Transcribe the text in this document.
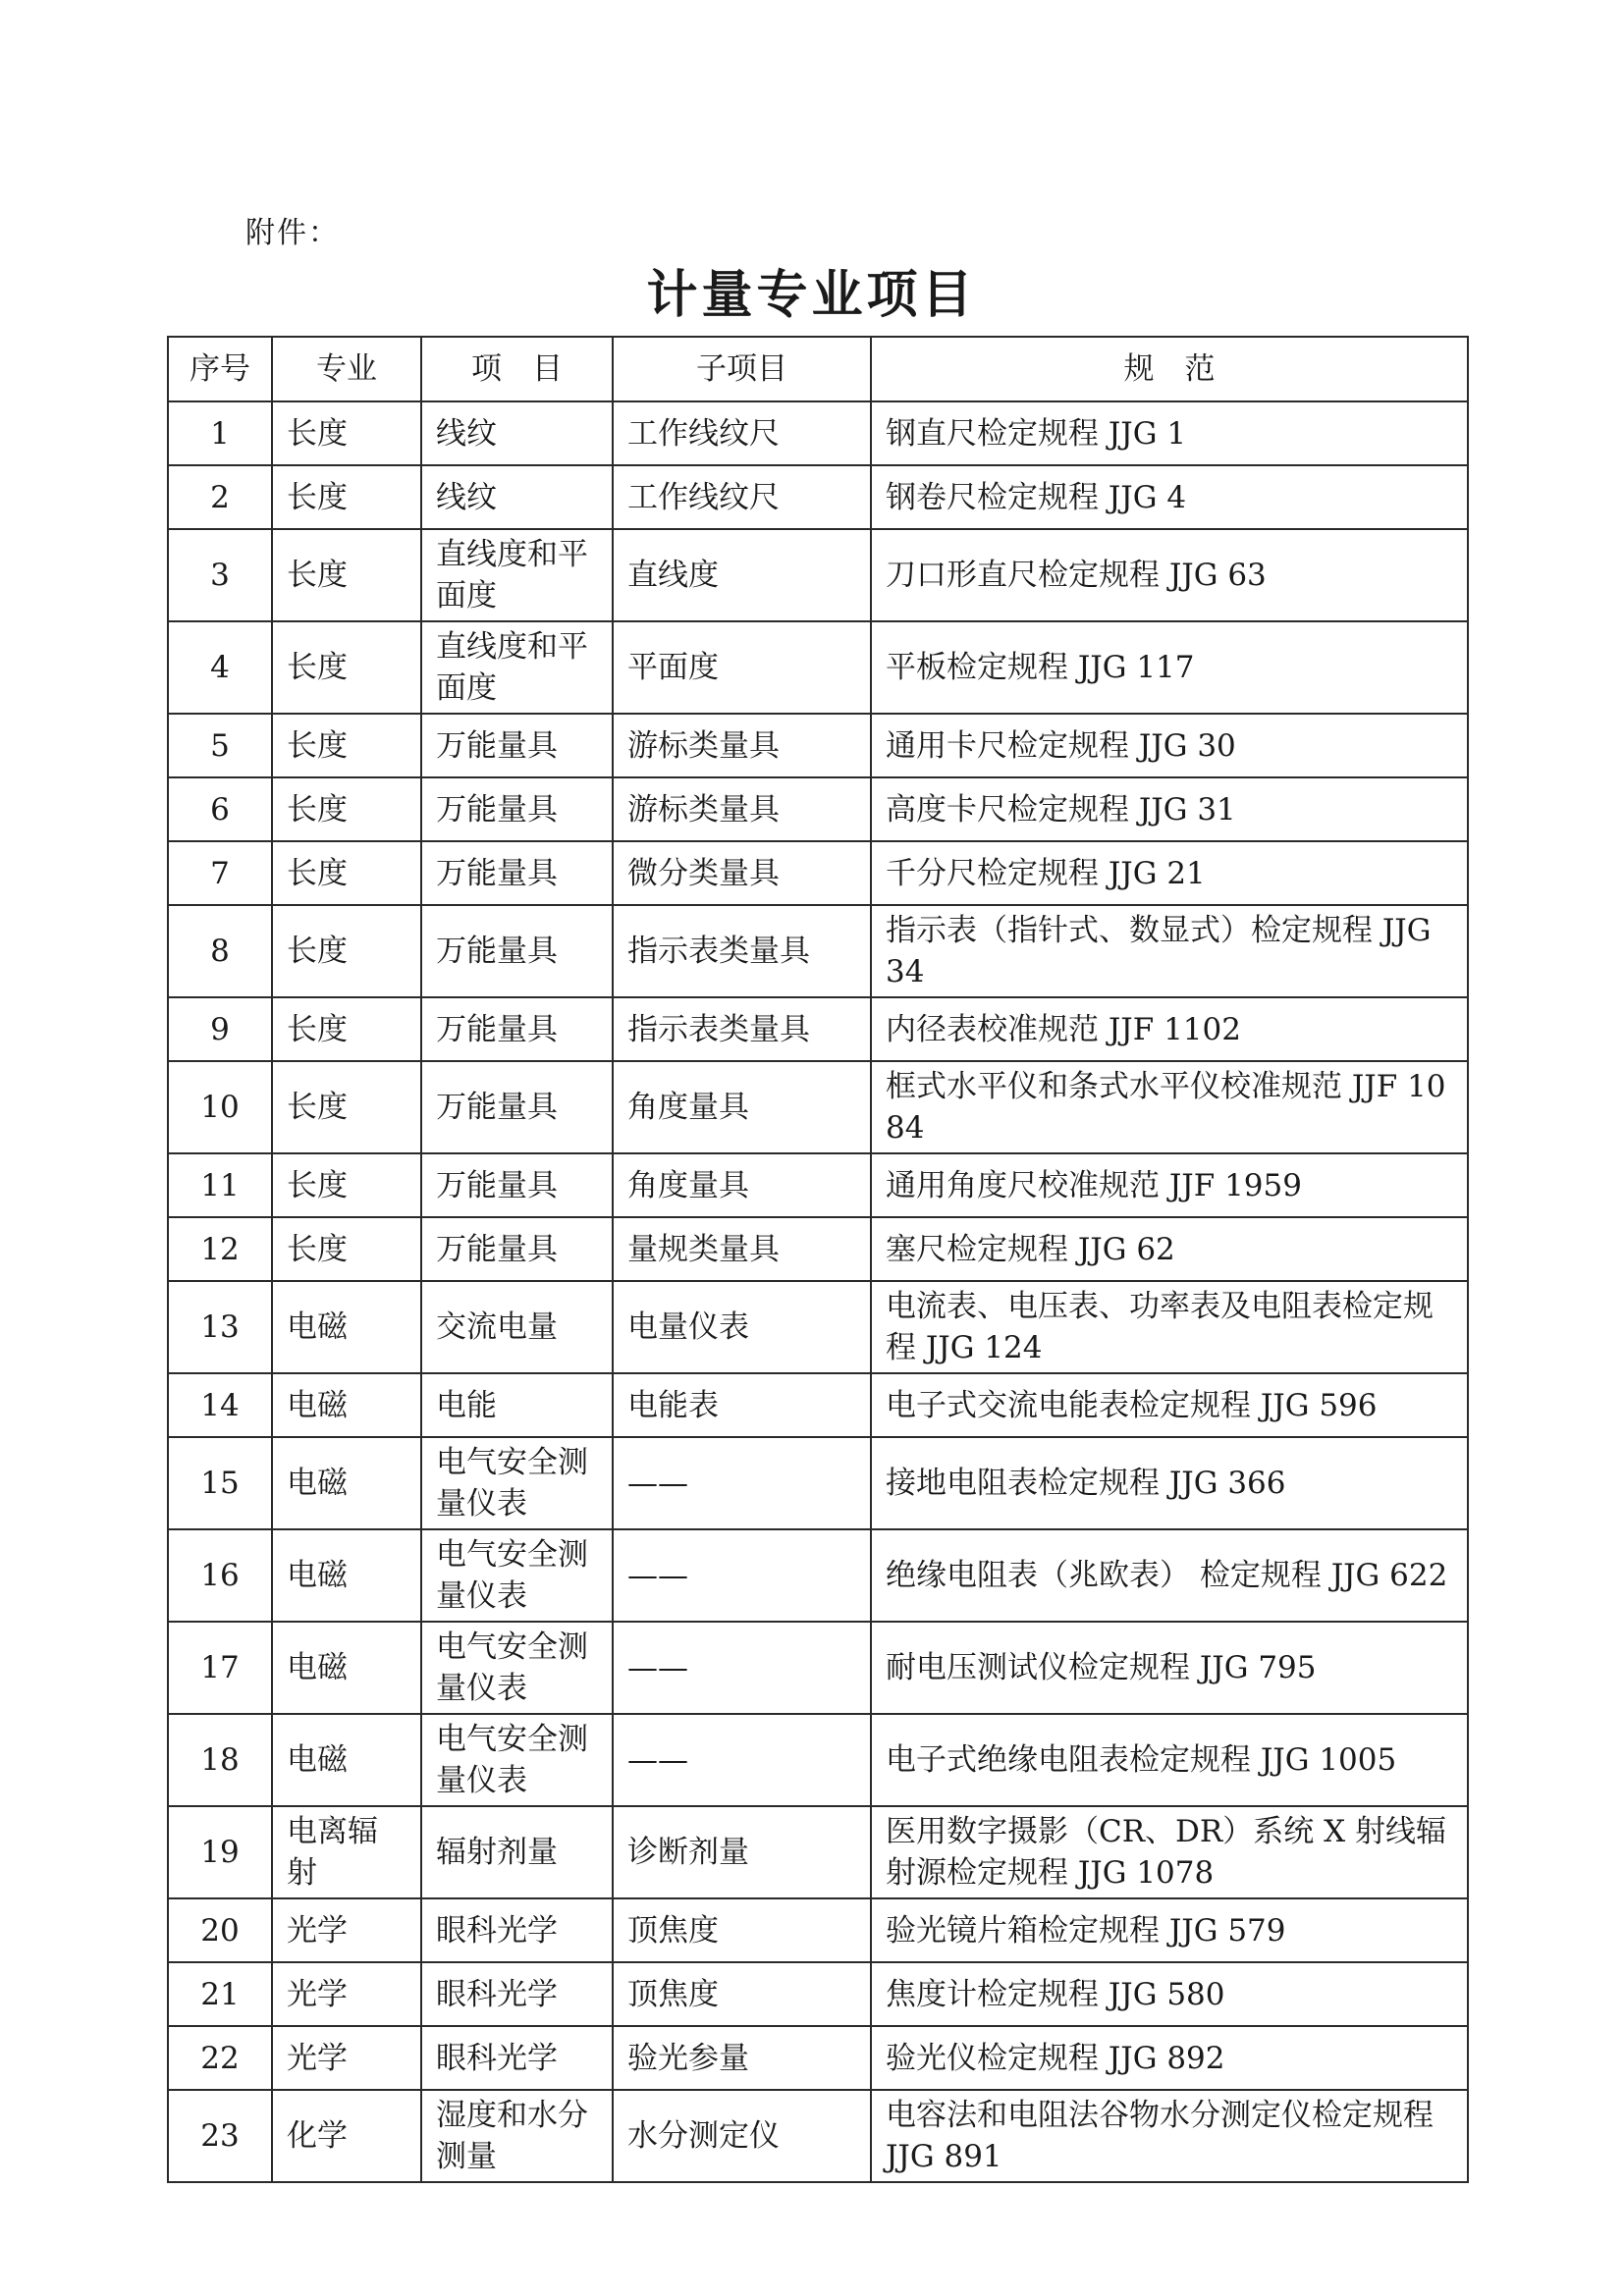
附件：
计量专业项目
序号	专业	项　目	子项目	规　范
1	长度	线纹	工作线纹尺	钢直尺检定规程 JJG 1
2	长度	线纹	工作线纹尺	钢卷尺检定规程 JJG 4
3	长度	直线度和平面度	直线度	刀口形直尺检定规程 JJG 63
4	长度	直线度和平面度	平面度	平板检定规程 JJG 117
5	长度	万能量具	游标类量具	通用卡尺检定规程 JJG 30
6	长度	万能量具	游标类量具	高度卡尺检定规程 JJG 31
7	长度	万能量具	微分类量具	千分尺检定规程 JJG 21
8	长度	万能量具	指示表类量具	指示表（指针式、数显式）检定规程 JJG 34
9	长度	万能量具	指示表类量具	内径表校准规范 JJF 1102
10	长度	万能量具	角度量具	框式水平仪和条式水平仪校准规范 JJF 1084
11	长度	万能量具	角度量具	通用角度尺校准规范 JJF 1959
12	长度	万能量具	量规类量具	塞尺检定规程 JJG 62
13	电磁	交流电量	电量仪表	电流表、电压表、功率表及电阻表检定规程 JJG 124
14	电磁	电能	电能表	电子式交流电能表检定规程 JJG 596
15	电磁	电气安全测量仪表	——	接地电阻表检定规程 JJG 366
16	电磁	电气安全测量仪表	——	绝缘电阻表（兆欧表） 检定规程 JJG 622
17	电磁	电气安全测量仪表	——	耐电压测试仪检定规程 JJG 795
18	电磁	电气安全测量仪表	——	电子式绝缘电阻表检定规程 JJG 1005
19	电离辐射	辐射剂量	诊断剂量	医用数字摄影（CR、DR）系统 X 射线辐射源检定规程 JJG 1078
20	光学	眼科光学	顶焦度	验光镜片箱检定规程 JJG 579
21	光学	眼科光学	顶焦度	焦度计检定规程 JJG 580
22	光学	眼科光学	验光参量	验光仪检定规程 JJG 892
23	化学	湿度和水分测量	水分测定仪	电容法和电阻法谷物水分测定仪检定规程 JJG 891
